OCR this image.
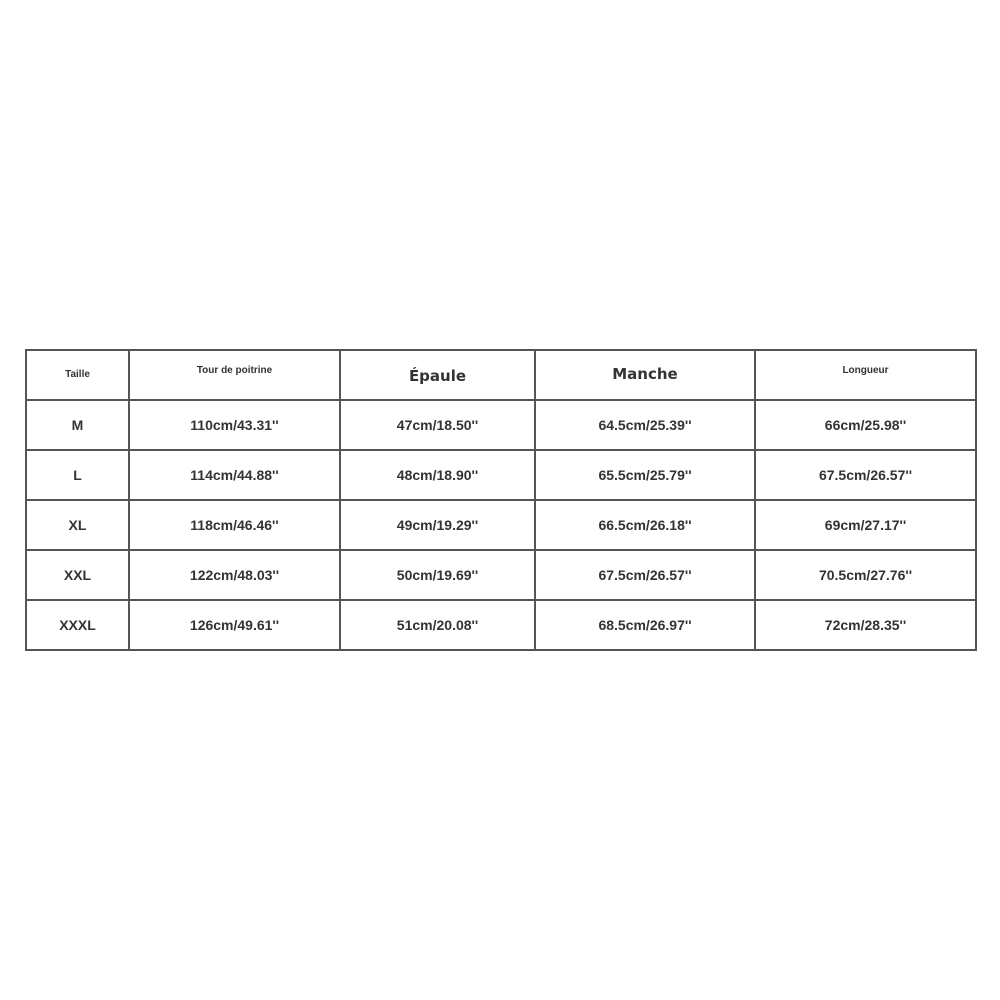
Taille	Tour de poitrine	Épaule	Manche	Longueur
M	110cm/43.31''	47cm/18.50''	64.5cm/25.39''	66cm/25.98''
L	114cm/44.88''	48cm/18.90''	65.5cm/25.79''	67.5cm/26.57''
XL	118cm/46.46''	49cm/19.29''	66.5cm/26.18''	69cm/27.17''
XXL	122cm/48.03''	50cm/19.69''	67.5cm/26.57''	70.5cm/27.76''
XXXL	126cm/49.61''	51cm/20.08''	68.5cm/26.97''	72cm/28.35''
